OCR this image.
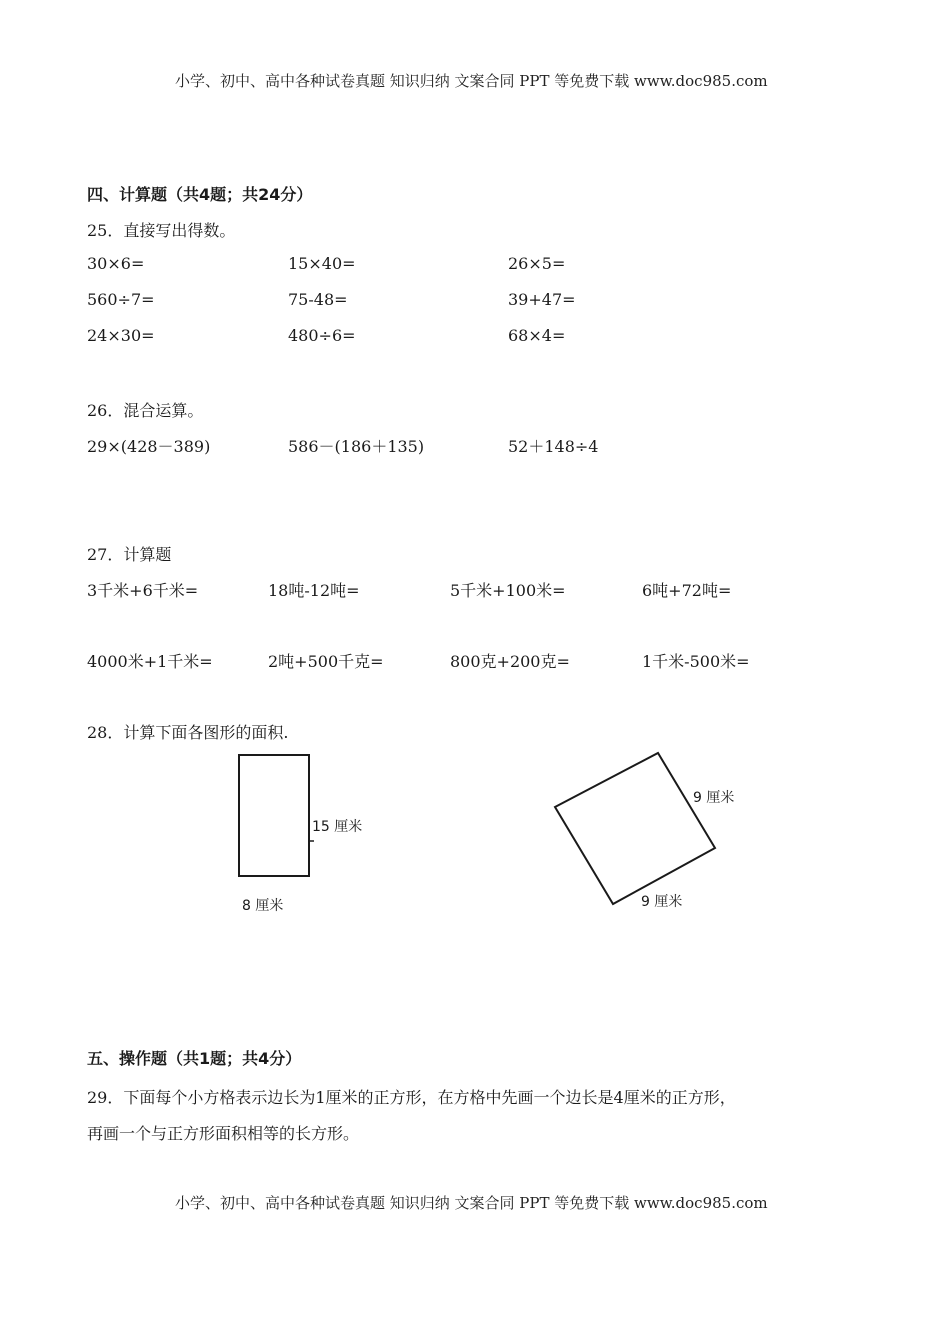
小学、初中、高中各种试卷真题 知识归纳 文案合同 PPT 等免费下载 www.doc985.com
四、计算题（共4题；共24分）
25．直接写出得数。
30×6=	15×40=	26×5=
560÷7=	75-48=	39+47=
24×30=	480÷6=	68×4=
26．混合运算。
29×(428－389)	586－(186＋135)	52＋148÷4
27．计算题
3千米+6千米=	18吨-12吨=	5千米+100米=	6吨+72吨=
4000米+1千米=	2吨+500千克=	800克+200克=	1千米-500米=
28．计算下面各图形的面积.
15 厘米
8 厘米
9 厘米
9 厘米
五、操作题（共1题；共4分）
29．下面每个小方格表示边长为1厘米的正方形，在方格中先画一个边长是4厘米的正方形，
再画一个与正方形面积相等的长方形。
小学、初中、高中各种试卷真题 知识归纳 文案合同 PPT 等免费下载 www.doc985.com
